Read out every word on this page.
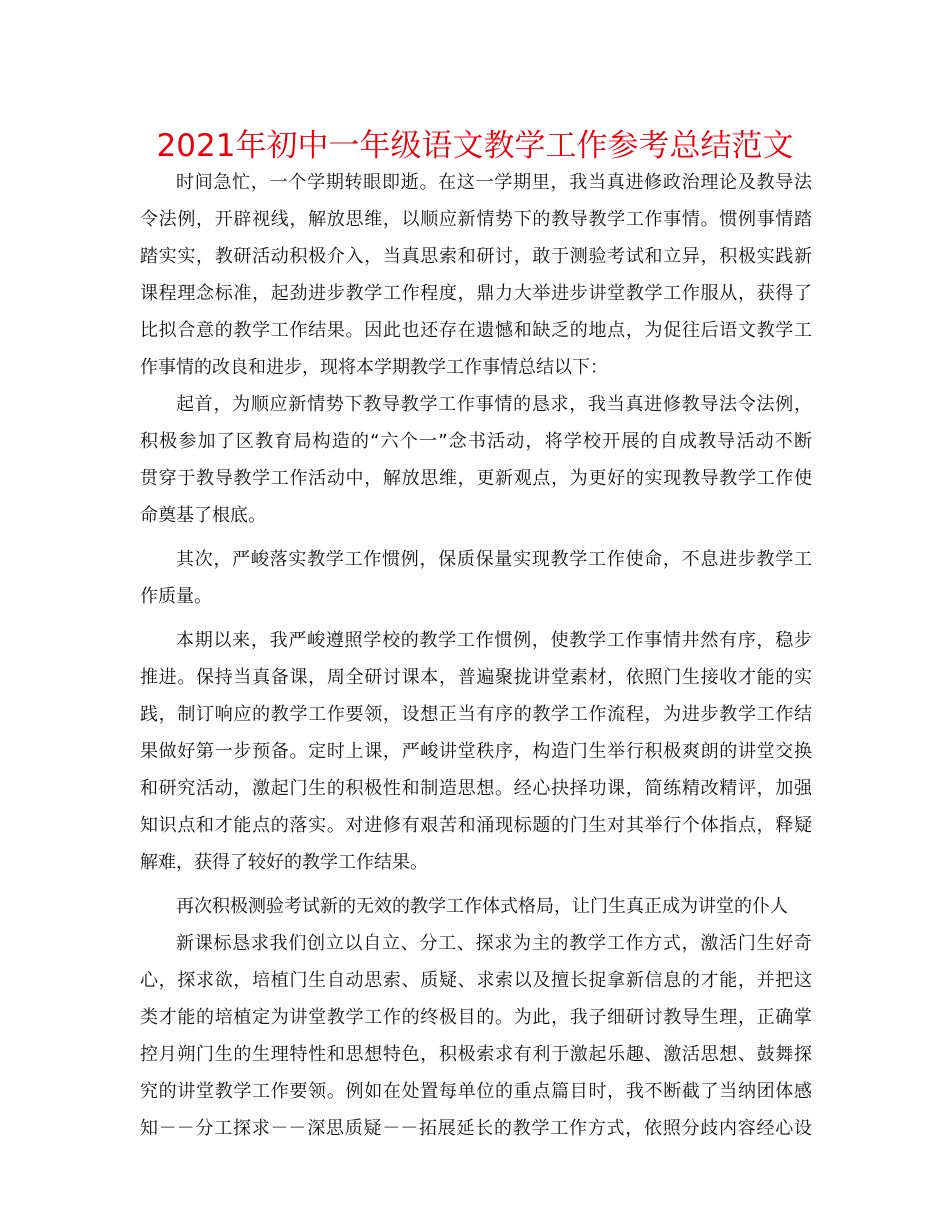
2021年初中一年级语文教学工作参考总结范文
时间急忙，一个学期转眼即逝。在这一学期里，我当真进修政治理论及教导法
令法例，开辟视线，解放思维，以顺应新情势下的教导教学工作事情。惯例事情踏
踏实实，教研活动积极介入，当真思索和研讨，敢于测验考试和立异，积极实践新
课程理念标准，起劲进步教学工作程度，鼎力大举进步讲堂教学工作服从，获得了
比拟合意的教学工作结果。因此也还存在遗憾和缺乏的地点，为促往后语文教学工
作事情的改良和进步，现将本学期教学工作事情总结以下：
起首，为顺应新情势下教导教学工作事情的恳求，我当真进修教导法令法例，
积极参加了区教育局构造的“六个一”念书活动，将学校开展的自成教导活动不断
贯穿于教导教学工作活动中，解放思维，更新观点，为更好的实现教导教学工作使
命奠基了根底。
其次，严峻落实教学工作惯例，保质保量实现教学工作使命，不息进步教学工
作质量。
本期以来，我严峻遵照学校的教学工作惯例，使教学工作事情井然有序，稳步
推进。保持当真备课，周全研讨课本，普遍聚拢讲堂素材，依照门生接收才能的实
践，制订响应的教学工作要领，设想正当有序的教学工作流程，为进步教学工作结
果做好第一步预备。定时上课，严峻讲堂秩序，构造门生举行积极爽朗的讲堂交换
和研究活动，激起门生的积极性和制造思想。经心抉择功课，简练精改精评，加强
知识点和才能点的落实。对进修有艰苦和涌现标题的门生对其举行个体指点，释疑
解难，获得了较好的教学工作结果。
再次积极测验考试新的无效的教学工作体式格局，让门生真正成为讲堂的仆人
新课标恳求我们创立以自立、分工、探求为主的教学工作方式，激活门生好奇
心，探求欲，培植门生自动思索、质疑、求索以及擅长捉拿新信息的才能，并把这
类才能的培植定为讲堂教学工作的终极目的。为此，我子细研讨教导生理，正确掌
控月朔门生的生理特性和思想特色，积极索求有利于激起乐趣、激活思想、鼓舞探
究的讲堂教学工作要领。例如在处置每单位的重点篇目时，我不断截了当纳团体感
知－－分工探求－－深思质疑－－拓展延长的教学工作方式，依照分歧内容经心设
